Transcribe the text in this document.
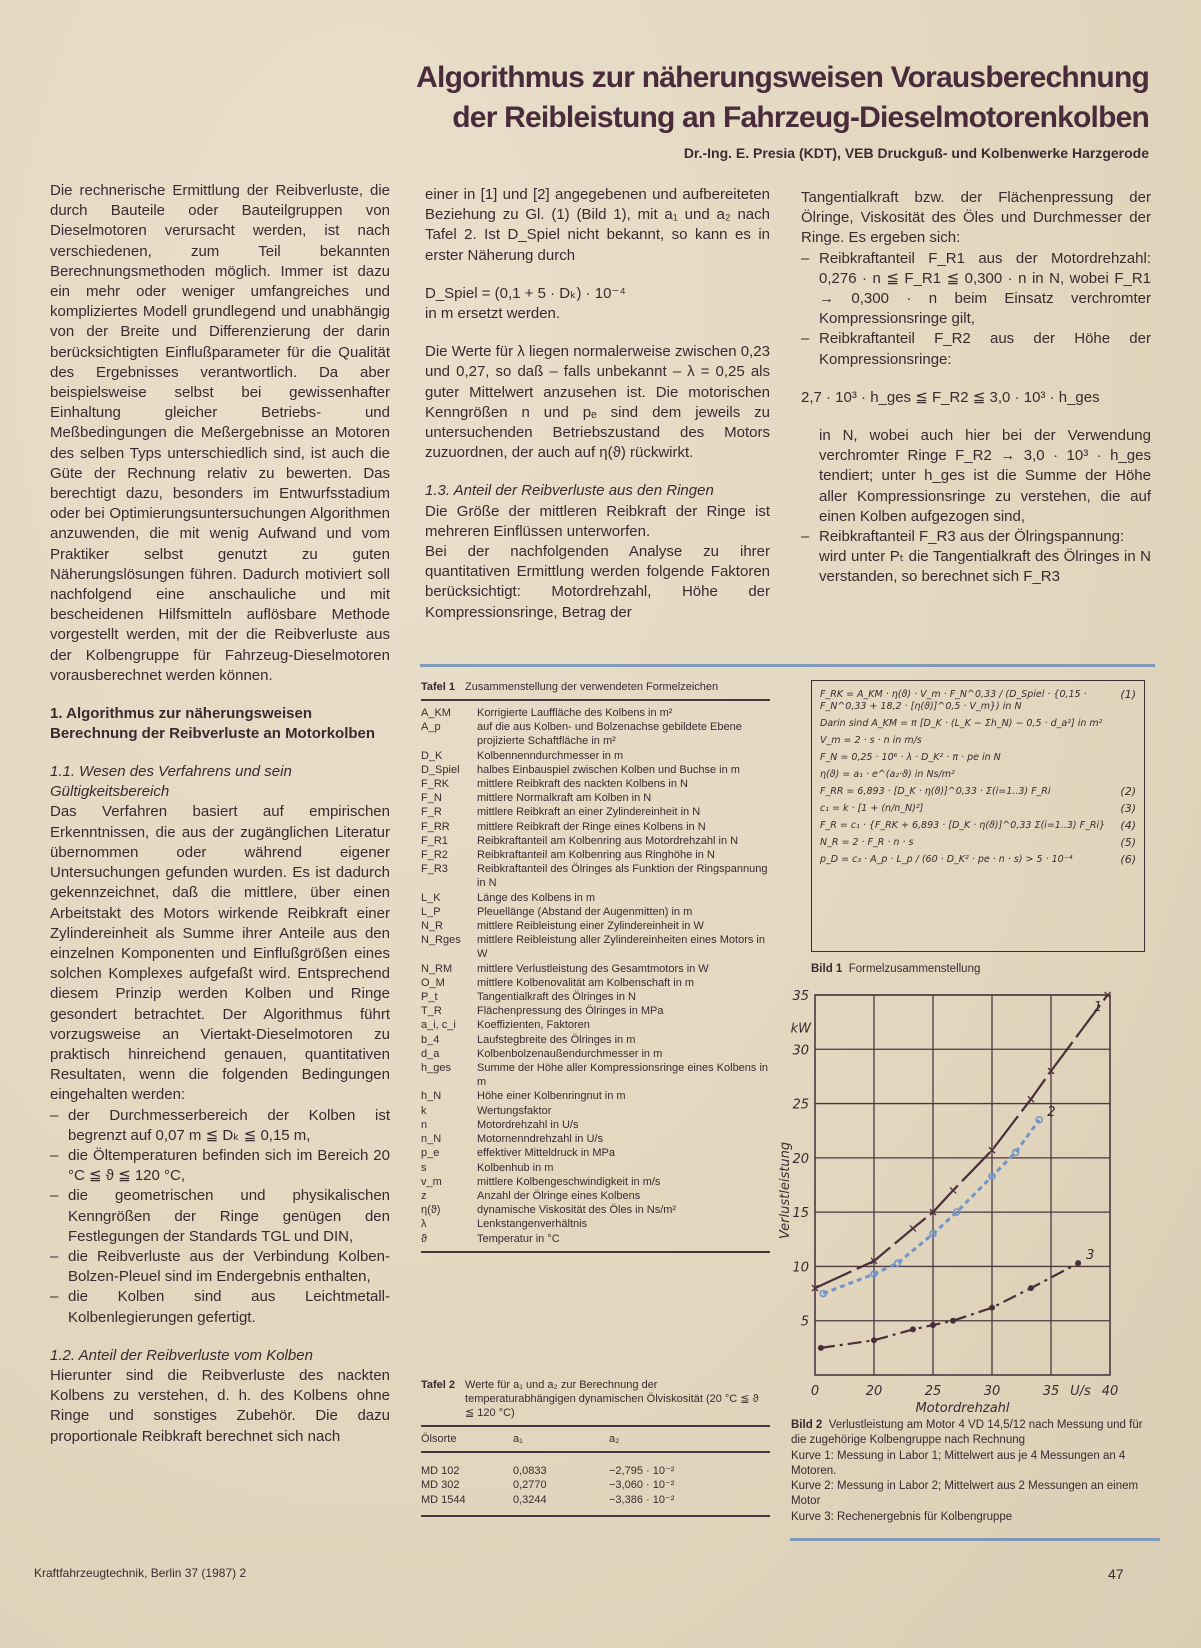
Algorithmus zur näherungsweisen Vorausberechnung
der Reibleistung an Fahrzeug-Dieselmotorenkolben
Dr.-Ing. E. Presia (KDT), VEB Druckguß- und Kolbenwerke Harzgerode

Die rechnerische Ermittlung der Reibverluste, die durch Bauteile oder Bauteilgruppen von Dieselmotoren verursacht werden, ist nach verschiedenen, zum Teil bekannten Berechnungsmethoden möglich. Immer ist dazu ein mehr oder weniger umfangreiches und kompliziertes Modell grundlegend und unabhängig von der Breite und Differenzierung der darin berücksichtigten Einflußparameter für die Qualität des Ergebnisses verantwortlich. Da aber beispielsweise selbst bei gewissenhafter Einhaltung gleicher Betriebs- und Meßbedingungen die Meßergebnisse an Motoren des selben Typs unterschiedlich sind, ist auch die Güte der Rechnung relativ zu bewerten. Das berechtigt dazu, besonders im Entwurfsstadium oder bei Optimierungsuntersuchungen Algorithmen anzuwenden, die mit wenig Aufwand und vom Praktiker selbst genutzt zu guten Näherungslösungen führen. Dadurch motiviert soll nachfolgend eine anschauliche und mit bescheidenen Hilfsmitteln auflösbare Methode vorgestellt werden, mit der die Reibverluste aus der Kolbengruppe für Fahrzeug-Dieselmotoren vorausberechnet werden können.

1. Algorithmus zur näherungsweisen Berechnung der Reibverluste an Motorkolben

1.1. Wesen des Verfahrens und sein Gültigkeitsbereich

Das Verfahren basiert auf empirischen Erkenntnissen, die aus der zugänglichen Literatur übernommen oder während eigener Untersuchungen gefunden wurden. Es ist dadurch gekennzeichnet, daß die mittlere, über einen Arbeitstakt des Motors wirkende Reibkraft einer Zylindereinheit als Summe ihrer Anteile aus den einzelnen Komponenten und Einflußgrößen eines solchen Komplexes aufgefaßt wird. Entsprechend diesem Prinzip werden Kolben und Ringe gesondert betrachtet. Der Algorithmus führt vorzugsweise an Viertakt-Dieselmotoren zu praktisch hinreichend genauen, quantitativen Resultaten, wenn die folgenden Bedingungen eingehalten werden:

– der Durchmesserbereich der Kolben ist begrenzt auf 0,07 m ≦ Dₖ ≦ 0,15 m,
– die Öltemperaturen befinden sich im Bereich 20 °C ≦ ϑ ≦ 120 °C,
– die geometrischen und physikalischen Kenngrößen der Ringe genügen den Festlegungen der Standards TGL und DIN,
– die Reibverluste aus der Verbindung Kolben-Bolzen-Pleuel sind im Endergebnis enthalten,
– die Kolben sind aus Leichtmetall-Kolbenlegierungen gefertigt.

1.2. Anteil der Reibverluste vom Kolben

Hierunter sind die Reibverluste des nackten Kolbens zu verstehen, d. h. des Kolbens ohne Ringe und sonstiges Zubehör. Die dazu proportionale Reibkraft berechnet sich nach

einer in [1] und [2] angegebenen und aufbereiteten Beziehung zu Gl. (1) (Bild 1), mit a₁ und a₂ nach Tafel 2. Ist D_Spiel nicht bekannt, so kann es in erster Näherung durch

D_Spiel = (0,1 + 5 · Dₖ) · 10⁻⁴

in m ersetzt werden.

Die Werte für λ liegen normalerweise zwischen 0,23 und 0,27, so daß – falls unbekannt – λ = 0,25 als guter Mittelwert anzusehen ist. Die motorischen Kenngrößen n und pₑ sind dem jeweils zu untersuchenden Betriebszustand des Motors zuzuordnen, der auch auf η(ϑ) rückwirkt.

1.3. Anteil der Reibverluste aus den Ringen

Die Größe der mittleren Reibkraft der Ringe ist mehreren Einflüssen unterworfen.

Bei der nachfolgenden Analyse zu ihrer quantitativen Ermittlung werden folgende Faktoren berücksichtigt: Motordrehzahl, Höhe der Kompressionsringe, Betrag der

Tangentialkraft bzw. der Flächenpressung der Ölringe, Viskosität des Öles und Durchmesser der Ringe. Es ergeben sich:

– Reibkraftanteil F_R1 aus der Motordrehzahl: 0,276 · n ≦ F_R1 ≦ 0,300 · n in N, wobei F_R1 → 0,300 · n beim Einsatz verchromter Kompressionsringe gilt,
– Reibkraftanteil F_R2 aus der Höhe der Kompressionsringe:

2,7 · 10³ · h_ges ≦ F_R2 ≦ 3,0 · 10³ · h_ges

in N, wobei auch hier bei der Verwendung verchromter Ringe F_R2 → 3,0 · 10³ · h_ges tendiert; unter h_ges ist die Summe der Höhe aller Kompressionsringe zu verstehen, die auf einen Kolben aufgezogen sind,

– Reibkraftanteil F_R3 aus der Ölringspannung:

wird unter Pₜ die Tangentialkraft des Ölringes in N verstanden, so berechnet sich F_R3

Tafel 1 Zusammenstellung der verwendeten Formelzeichen
A_KM	Korrigierte Lauffläche des Kolbens in m²
A_p	auf die aus Kolben- und Bolzenachse gebildete Ebene projizierte Schaftfläche in m²
D_K	Kolbennenndurchmesser in m
D_Spiel	halbes Einbauspiel zwischen Kolben und Buchse in m
F_RK	mittlere Reibkraft des nackten Kolbens in N
F_N	mittlere Normalkraft am Kolben in N
F_R	mittlere Reibkraft an einer Zylindereinheit in N
F_RR	mittlere Reibkraft der Ringe eines Kolbens in N
F_R1	Reibkraftanteil am Kolbenring aus Motordrehzahl in N
F_R2	Reibkraftanteil am Kolbenring aus Ringhöhe in N
F_R3	Reibkraftanteil des Ölringes als Funktion der Ringspannung in N
L_K	Länge des Kolbens in m
L_P	Pleuellänge (Abstand der Augenmitten) in m
N_R	mittlere Reibleistung einer Zylindereinheit in W
N_Rges	mittlere Reibleistung aller Zylindereinheiten eines Motors in W
N_RM	mittlere Verlustleistung des Gesamtmotors in W
O_M	mittlere Kolbenovalität am Kolbenschaft in m
P_t	Tangentialkraft des Ölringes in N
T_R	Flächenpressung des Ölringes in MPa
a_i, c_i	Koeffizienten, Faktoren
b_4	Laufstegbreite des Ölringes in m
d_a	Kolbenbolzenaußendurchmesser in m
h_ges	Summe der Höhe aller Kompressionsringe eines Kolbens in m
h_N	Höhe einer Kolbenringnut in m
k	Wertungsfaktor
n	Motordrehzahl in U/s
n_N	Motornenndrehzahl in U/s
p_e	effektiver Mitteldruck in MPa
s	Kolbenhub in m
v_m	mittlere Kolbengeschwindigkeit in m/s
z	Anzahl der Ölringe eines Kolbens
η(ϑ)	dynamische Viskosität des Öles in Ns/m²
λ	Lenkstangenverhältnis
ϑ	Temperatur in °C
Tafel 2 Werte für a₁ und a₂ zur Berechnung der temperaturabhängigen dynamischen Ölviskosität (20 °C ≦ ϑ ≦ 120 °C)
Ölsorte	a₁	a₂
MD 102	0,0833	−2,795 · 10⁻²
MD 302	0,2770	−3,060 · 10⁻²
MD 1544	0,3244	−3,386 · 10⁻²
F_RK = A_KM · η(ϑ) · V_m · F_N^0,33 / (D_Spiel · {0,15 · F_N^0,33 + 18,2 · [η(ϑ)]^0,5 · V_m}) in N
(1)
Darin sind A_KM = π [D_K · (L_K − Σh_N) − 0,5 · d_a²] in m²
V_m = 2 · s · n in m/s
F_N = 0,25 · 10⁶ · λ · D_K² · π · pe in N
η(ϑ) = a₁ · e^(a₂·ϑ) in Ns/m²
F_RR = 6,893 · [D_K · η(ϑ)]^0,33 · Σ(i=1..3) F_Ri	(2)
c₁ = k · [1 + (n/n_N)²]	(3)
F_R = c₁ · {F_RK + 6,893 · [D_K · η(ϑ)]^0,33 Σ(i=1..3) F_Ri} (4)
N_R = 2 · F_R · n · s	(5)
p_D = c₃ · A_p · L_p / (60 · D_K² · pe · n · s) > 5 · 10⁻⁴	(6)
Bild 1 Formelzusammenstellung
5
10
15
20
25
30
35
kW
0	20	25	30	35	40
U/s
Motordrehzahl
Verlustleistung
1
2
3
Bild 2 Verlustleistung am Motor 4 VD 14,5/12 nach Messung und für die zugehörige Kolbengruppe nach Rechnung
Kurve 1: Messung in Labor 1; Mittelwert aus je 4 Messungen an 4 Motoren.
Kurve 2: Messung in Labor 2; Mittelwert aus 2 Messungen an einem Motor
Kurve 3: Rechenergebnis für Kolbengruppe
Kraftfahrzeugtechnik, Berlin 37 (1987) 2	47
